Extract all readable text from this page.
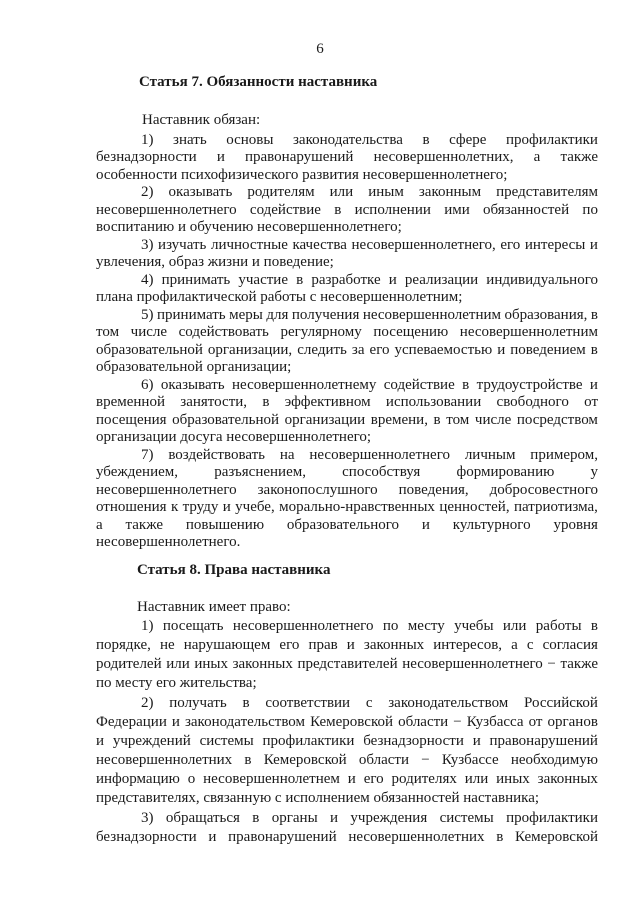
6
Статья 7. Обязанности наставника
Наставник обязан:
1) знать основы законодательства в сфере профилактики
безнадзорности и правонарушений несовершеннолетних, а также
особенности психофизического развития несовершеннолетнего;
2) оказывать родителям или иным законным представителям
несовершеннолетнего содействие в исполнении ими обязанностей по
воспитанию и обучению несовершеннолетнего;
3) изучать личностные качества несовершеннолетнего, его интересы и
увлечения, образ жизни и поведение;
4) принимать участие в разработке и реализации индивидуального
плана профилактической работы с несовершеннолетним;
5) принимать меры для получения несовершеннолетним образования, в
том числе содействовать регулярному посещению несовершеннолетним
образовательной организации, следить за его успеваемостью и поведением в
образовательной организации;
6) оказывать несовершеннолетнему содействие в трудоустройстве и
временной занятости, в эффективном использовании свободного от
посещения образовательной организации времени, в том числе посредством
организации досуга несовершеннолетнего;
7) воздействовать на несовершеннолетнего личным примером,
убеждением, разъяснением, способствуя формированию у
несовершеннолетнего законопослушного поведения, добросовестного
отношения к труду и учебе, морально-нравственных ценностей, патриотизма,
а также повышению образовательного и культурного уровня
несовершеннолетнего.
Статья 8. Права наставника
Наставник имеет право:
1) посещать несовершеннолетнего по месту учебы или работы в
порядке, не нарушающем его прав и законных интересов, а с согласия
родителей или иных законных представителей несовершеннолетнего − также
по месту его жительства;
2) получать в соответствии с законодательством Российской
Федерации и законодательством Кемеровской области − Кузбасса от органов
и учреждений системы профилактики безнадзорности и правонарушений
несовершеннолетних в Кемеровской области − Кузбассе необходимую
информацию о несовершеннолетнем и его родителях или иных законных
представителях, связанную с исполнением обязанностей наставника;
3) обращаться в органы и учреждения системы профилактики
безнадзорности и правонарушений несовершеннолетних в Кемеровской
